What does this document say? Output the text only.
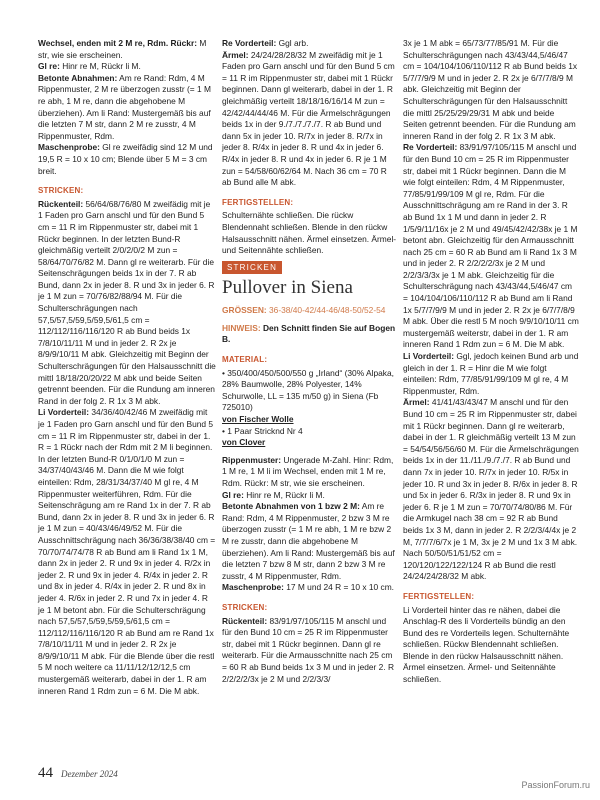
Wechsel, enden mit 2 M re, Rdm. Rückr: M str, wie sie erscheinen.

Gl re: Hinr re M, Rückr li M.

Betonte Abnahmen: Am re Rand: Rdm, 4 M Rippenmuster, 2 M re überzogen zusstr (= 1 M re abh, 1 M re, dann die abgehobene M überziehen). Am li Rand: Mustergemäß bis auf die letzten 7 M str, dann 2 M re zusstr, 4 M Rippenmuster, Rdm.

Maschenprobe: Gl re zweifädig sind 12 M und 19,5 R = 10 x 10 cm; Blende über 5 M = 3 cm breit.

STRICKEN:

Rückenteil: 56/64/68/76/80 M zweifädig mit je 1 Faden pro Garn anschl und für den Bund 5 cm = 11 R im Rippenmuster str, dabei mit 1 Rückr beginnen. In der letzten Bund-R gleichmäßig verteilt 2/0/2/0/2 M zun = 58/64/70/76/82 M. Dann gl re weiterarb. Für die Seitenschrägungen beids 1x in der 7. R ab Bund, dann 2x in jeder 8. R und 3x in jeder 6. R je 1 M zun = 70/76/82/88/94 M. Für die Schulterschrägungen nach 57,5/57,5/59,5/59,5/61,5 cm = 112/112/116/116/120 R ab Bund beids 1x 7/8/10/11/11 M und in jeder 2. R 2x je 8/9/9/10/11 M abk. Gleichzeitig mit Beginn der Schulterschrägungen für den Halsausschnitt die mittl 18/18/20/20/22 M abk und beide Seiten getrennt beenden. Für die Rundung am inneren Rand in der folg 2. R 1x 3 M abk.

Li Vorderteil: 34/36/40/42/46 M zweifädig mit je 1 Faden pro Garn anschl und für den Bund 5 cm = 11 R im Rippenmuster str, dabei in der 1. R = 1 Rückr nach der Rdm mit 2 M li beginnen. In der letzten Bund-R 0/1/0/1/0 M zun = 34/37/40/43/46 M. Dann die M wie folgt einteilen: Rdm, 28/31/34/37/40 M gl re, 4 M Rippenmuster weiterführen, Rdm. Für die Seitenschrägung am re Rand 1x in der 7. R ab Bund, dann 2x in jeder 8. R und 3x in jeder 6. R je 1 M zun = 40/43/46/49/52 M. Für die Ausschnittschrägung nach 36/36/38/38/40 cm = 70/70/74/74/78 R ab Bund am li Rand 1x 1 M, dann 2x in jeder 2. R und 9x in jeder 4. R/2x in jeder 2. R und 9x in jeder 4. R/4x in jeder 2. R und 8x in jeder 4. R/4x in jeder 2. R und 8x in jeder 4. R/6x in jeder 2. R und 7x in jeder 4. R je 1 M betont abn. Für die Schulterschrägung nach 57,5/57,5/59,5/59,5/61,5 cm = 112/112/116/116/120 R ab Bund am re Rand 1x 7/8/10/11/11 M und in jeder 2. R 2x je 8/9/9/10/11 M abk. Für die Blende über die restl 5 M noch weitere ca 11/11/12/12/12,5 cm mustergemäß weiterarb, dabei in der 1. R am inneren Rand 1 Rdm zun = 6 M. Die M abk.

Re Vorderteil: Ggl arb.

Ärmel: 24/24/28/28/32 M zweifädig mit je 1 Faden pro Garn anschl und für den Bund 5 cm = 11 R im Rippenmuster str, dabei mit 1 Rückr beginnen. Dann gl weiterarb, dabei in der 1. R gleichmäßig verteilt 18/18/16/16/14 M zun = 42/42/44/44/46 M. Für die Ärmelschrägungen beids 1x in der 9./7./7./7./7. R ab Bund und dann 5x in jeder 10. R/7x in jeder 8. R/7x in jeder 8. R/4x in jeder 8. R und 4x in jeder 6. R/4x in jeder 8. R und 4x in jeder 6. R je 1 M zun = 54/58/60/62/64 M. Nach 36 cm = 70 R ab Bund alle M abk.

FERTIGSTELLEN:

Schulternähte schließen. Die rückw Blendennaht schließen. Blende in den rückw Halsausschnitt nähen. Ärmel einsetzen. Ärmel- und Seitennähte schließen.

STRICKEN
Pullover in Siena

GRÖSSEN: 36-38/40-42/44-46/48-50/52-54

HINWEIS: Den Schnitt finden Sie auf Bogen B.

MATERIAL:

• 350/400/450/500/550 g „Irland“ (30% Alpaka, 28% Baumwolle, 28% Polyester, 14% Schurwolle, LL = 135 m/50 g) in Siena (Fb 725010)

von Fischer Wolle

• 1 Paar Stricknd Nr 4

von Clover

Rippenmuster: Ungerade M-Zahl. Hinr: Rdm, 1 M re, 1 M li im Wechsel, enden mit 1 M re, Rdm. Rückr: M str, wie sie erscheinen.

Gl re: Hinr re M, Rückr li M.

Betonte Abnahmen von 1 bzw 2 M: Am re Rand: Rdm, 4 M Rippenmuster, 2 bzw 3 M re überzogen zusstr (= 1 M re abh, 1 M re bzw 2 M re zusstr, dann die abgehobene M überziehen). Am li Rand: Mustergemäß bis auf die letzten 7 bzw 8 M str, dann 2 bzw 3 M re zusstr, 4 M Rippenmuster, Rdm.

Maschenprobe: 17 M und 24 R = 10 x 10 cm.

STRICKEN:

Rückenteil: 83/91/97/105/115 M anschl und für den Bund 10 cm = 25 R im Rippenmuster str, dabei mit 1 Rückr beginnen. Dann gl re weiterarb. Für die Armausschnitte nach 25 cm = 60 R ab Bund beids 1x 3 M und in jeder 2. R 2/2/2/2/3x je 2 M und 2/2/3/3/

3x je 1 M abk = 65/73/77/85/91 M. Für die Schulterschrägungen nach 43/43/44,5/46/47 cm = 104/104/106/110/112 R ab Bund beids 1x 5/7/7/9/9 M und in jeder 2. R 2x je 6/7/7/8/9 M abk. Gleichzeitig mit Beginn der Schulterschrägungen für den Halsausschnitt die mittl 25/25/29/29/31 M abk und beide Seiten getrennt beenden. Für die Rundung am inneren Rand in der folg 2. R 1x 3 M abk.

Re Vorderteil: 83/91/97/105/115 M anschl und für den Bund 10 cm = 25 R im Rippenmuster str, dabei mit 1 Rückr beginnen. Dann die M wie folgt einteilen: Rdm, 4 M Rippenmuster, 77/85/91/99/109 M gl re, Rdm. Für die Ausschnittschrägung am re Rand in der 3. R ab Bund 1x 1 M und dann in jeder 2. R 1/5/9/11/16x je 2 M und 49/45/42/42/38x je 1 M betont abn. Gleichzeitig für den Armausschnitt nach 25 cm = 60 R ab Bund am li Rand 1x 3 M und in jeder 2. R 2/2/2/2/3x je 2 M und 2/2/3/3/3x je 1 M abk. Gleichzeitig für die Schulterschrägung nach 43/43/44,5/46/47 cm = 104/104/106/110/112 R ab Bund am li Rand 1x 5/7/7/9/9 M und in jeder 2. R 2x je 6/7/7/8/9 M abk. Über die restl 5 M noch 9/9/10/10/11 cm mustergemäß weiterstr, dabei in der 1. R am inneren Rand 1 Rdm zun = 6 M. Die M abk.

Li Vorderteil: Ggl, jedoch keinen Bund arb und gleich in der 1. R = Hinr die M wie folgt einteilen: Rdm, 77/85/91/99/109 M gl re, 4 M Rippenmuster, Rdm.

Ärmel: 41/41/43/43/47 M anschl und für den Bund 10 cm = 25 R im Rippenmuster str, dabei mit 1 Rückr beginnen. Dann gl re weiterarb, dabei in der 1. R gleichmäßig verteilt 13 M zun = 54/54/56/56/60 M. Für die Ärmelschrägungen beids 1x in der 11./11./9./7./7. R ab Bund und dann 7x in jeder 10. R/7x in jeder 10. R/5x in jeder 10. R und 3x in jeder 8. R/6x in jeder 8. R und 5x in jeder 6. R/3x in jeder 8. R und 9x in jeder 6. R je 1 M zun = 70/70/74/80/86 M. Für die Armkugel nach 38 cm = 92 R ab Bund beids 1x 3 M, dann in jeder 2. R 2/2/3/4/4x je 2 M, 7/7/7/6/7x je 1 M, 3x je 2 M und 1x 3 M abk. Nach 50/50/51/51/52 cm = 120/120/122/122/124 R ab Bund die restl 24/24/24/28/32 M abk.

FERTIGSTELLEN:

Li Vorderteil hinter das re nähen, dabei die Anschlag-R des li Vorderteils bündig an den Bund des re Vorderteils legen. Schulternähte schließen. Rückw Blendennaht schließen. Blende in den rückw Halsausschnitt nähen. Ärmel einsetzen. Ärmel- und Seitennähte schließen.

44 Dezember 2024
PassionForum.ru
